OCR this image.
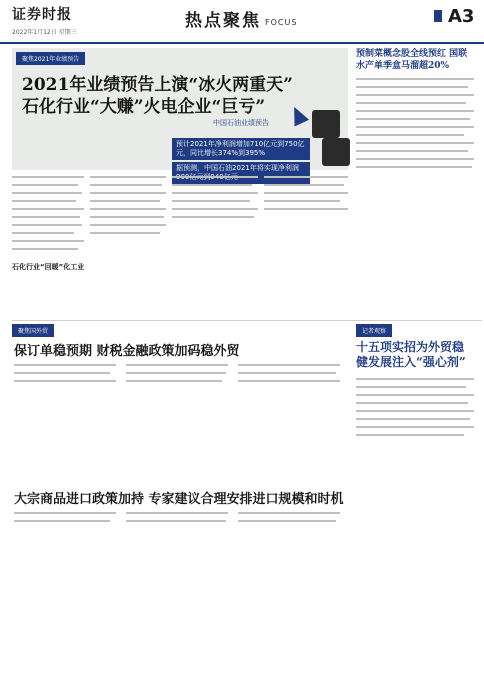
证券时报
2022年1月12日 星期三
热点聚焦 FOCUS	A3
聚焦2021年业绩预告
2021年业绩预告上演“冰火两重天”
石化行业“大赚”火电企业“巨亏”
中国石油业绩预告
预计2021年净利润增加710亿元到750亿元，同比增长374%到395%
据预测，中国石油2021年将实现净利润
石化行业“回暖”化工业
预制菜概念股全线预红 国联水产单季盒马溜超20%
聚焦国外贸
保订单稳预期 财税金融政策加码稳外贸
大宗商品进口政策加持 专家建议合理安排进口规模和时机
记者观察
十五项实招为外贸稳健发展注入“强心剂”
